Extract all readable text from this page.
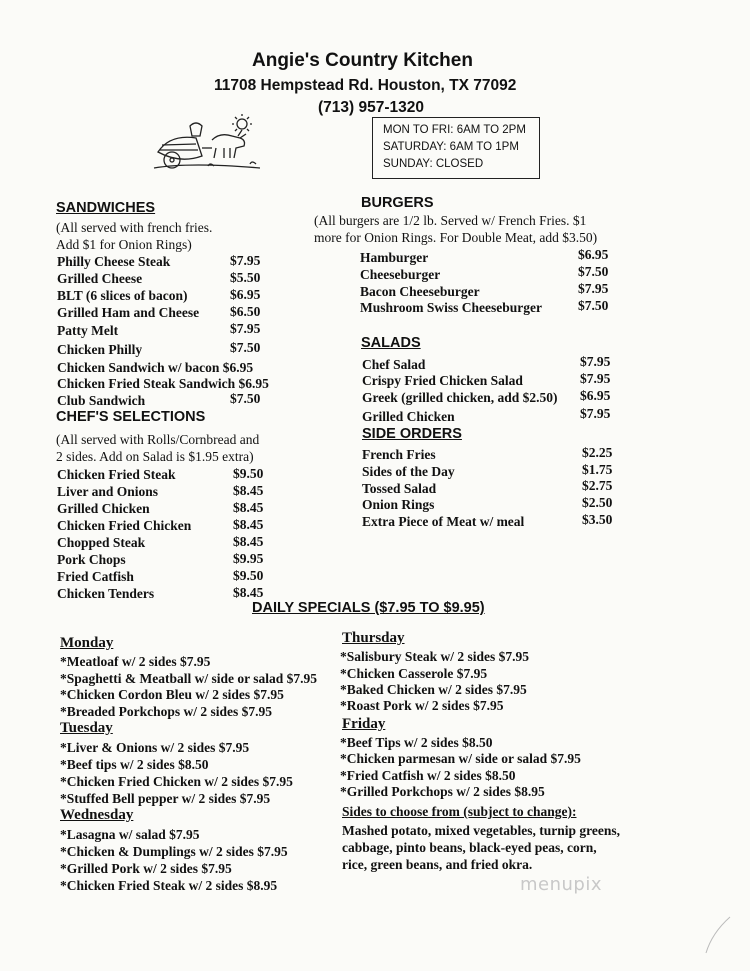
Angie's Country Kitchen
11708 Hempstead Rd. Houston, TX 77092
(713) 957-1320
MON TO FRI: 6AM TO 2PM
SATURDAY: 6AM TO 1PM
SUNDAY: CLOSED
SANDWICHES
(All served with french fries.
Add $1 for Onion Rings)
Philly Cheese Steak	$7.95
Grilled Cheese	$5.50
BLT (6 slices of bacon)	$6.95
Grilled Ham and Cheese $6.50
Patty Melt	$7.95
Chicken Philly	$7.50
Chicken Sandwich w/ bacon $6.95
Chicken Fried Steak Sandwich $6.95
Club Sandwich	$7.50
CHEF'S SELECTIONS
(All served with Rolls/Cornbread and
2 sides. Add on Salad is $1.95 extra)
Chicken Fried Steak	$9.50
Liver and Onions	$8.45
Grilled Chicken	$8.45
Chicken Fried Chicken	$8.45
Chopped Steak	$8.45
Pork Chops	$9.95
Fried Catfish	$9.50
Chicken Tenders	$8.45
BURGERS
(All burgers are 1/2 lb. Served w/ French Fries. $1
more for Onion Rings. For Double Meat, add $3.50)
Hamburger	$6.95
Cheeseburger	$7.50
Bacon Cheeseburger	$7.95
Mushroom Swiss Cheeseburger	$7.50
SALADS
Chef Salad	$7.95
Crispy Fried Chicken Salad	$7.95
Greek (grilled chicken, add $2.50) $6.95
Grilled Chicken	$7.95
SIDE ORDERS
French Fries	$2.25
Sides of the Day	$1.75
Tossed Salad	$2.75
Onion Rings	$2.50
Extra Piece of Meat w/ meal	$3.50
DAILY SPECIALS ($7.95 TO $9.95)
Monday
*Meatloaf w/ 2 sides $7.95
*Spaghetti & Meatball w/ side or salad $7.95
*Chicken Cordon Bleu w/ 2 sides $7.95
*Breaded Porkchops w/ 2 sides $7.95
Tuesday
*Liver & Onions w/ 2 sides $7.95
*Beef tips w/ 2 sides $8.50
*Chicken Fried Chicken w/ 2 sides $7.95
*Stuffed Bell pepper w/ 2 sides $7.95
Wednesday
*Lasagna w/ salad $7.95
*Chicken & Dumplings w/ 2 sides $7.95
*Grilled Pork w/ 2 sides $7.95
*Chicken Fried Steak w/ 2 sides $8.95
Thursday
*Salisbury Steak w/ 2 sides $7.95
*Chicken Casserole $7.95
*Baked Chicken w/ 2 sides $7.95
*Roast Pork w/ 2 sides $7.95
Friday
*Beef Tips w/ 2 sides $8.50
*Chicken parmesan w/ side or salad $7.95
*Fried Catfish w/ 2 sides $8.50
*Grilled Porkchops w/ 2 sides $8.95
Sides to choose from (subject to change):
Mashed potato, mixed vegetables, turnip greens,
cabbage, pinto beans, black-eyed peas, corn,
rice, green beans, and fried okra.
menupix
